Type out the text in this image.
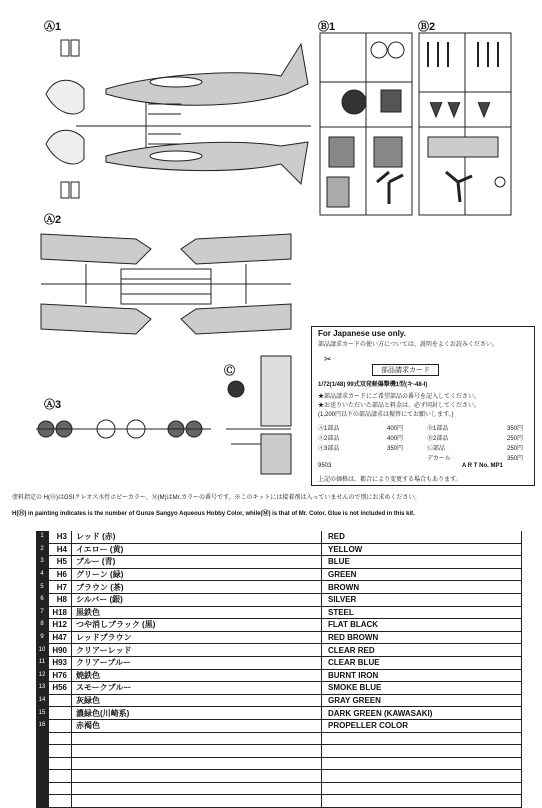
Ⓐ1	Ⓑ1	Ⓑ2
Ⓐ2
Ⓐ3
Ⓒ
For Japanese use only.
部品請求カードの使い方については、説明をよくお読みください。
部品請求カード
1/72(1/48) 99式双発軽爆撃機1型(キ-48-I)
★部品請求カードにご希望部品の番号を記入してください。
★お送りいただいた部品と料金は、必ず同封してください。
(1,200円以下の部品請求は振替にてお願いします。)
Ⓐ1部品	400円
Ⓐ2部品	400円
Ⓐ3部品	350円
Ⓑ1部品	350円
Ⓑ2部品	250円
Ⓒ部品	250円
デカール	350円
9503	A R T No. MP1
上記の価格は、都合により変更する場合もあります。
✂
塗料指定の H(Ⓗ)はGSIクレオス水性ホビーカラー、Ⓜ(M)はMr.カラーの番号です。※このキットには接着剤は入っていませんので別にお求めください。
H(Ⓗ) in painting indicates is the number of Gunze Sangyo Aqueous Hobby Color, while(Ⓜ) is that of Mr. Color. Glue is not included in this kit.
1	H3	レッド (赤)	RED
2	H4	イエロー (黄)	YELLOW
3	H5	ブルー (青)	BLUE
4	H6	グリーン (緑)	GREEN
5	H7	ブラウン (茶)	BROWN
6	H8	シルバー (銀)	SILVER
7	H18	黒鉄色	STEEL
8	H12	つや消しブラック (黒)	FLAT BLACK
9	H47	レッドブラウン	RED BROWN
10	H90	クリアーレッド	CLEAR RED
11	H93	クリアーブルー	CLEAR BLUE
12	H76	焼鉄色	BURNT IRON
13	H56	スモークブルー	SMOKE BLUE
14		灰緑色	GRAY GREEN
15		濃緑色(川崎系)	DARK GREEN (KAWASAKI)
16		赤褐色	PROPELLER COLOR
